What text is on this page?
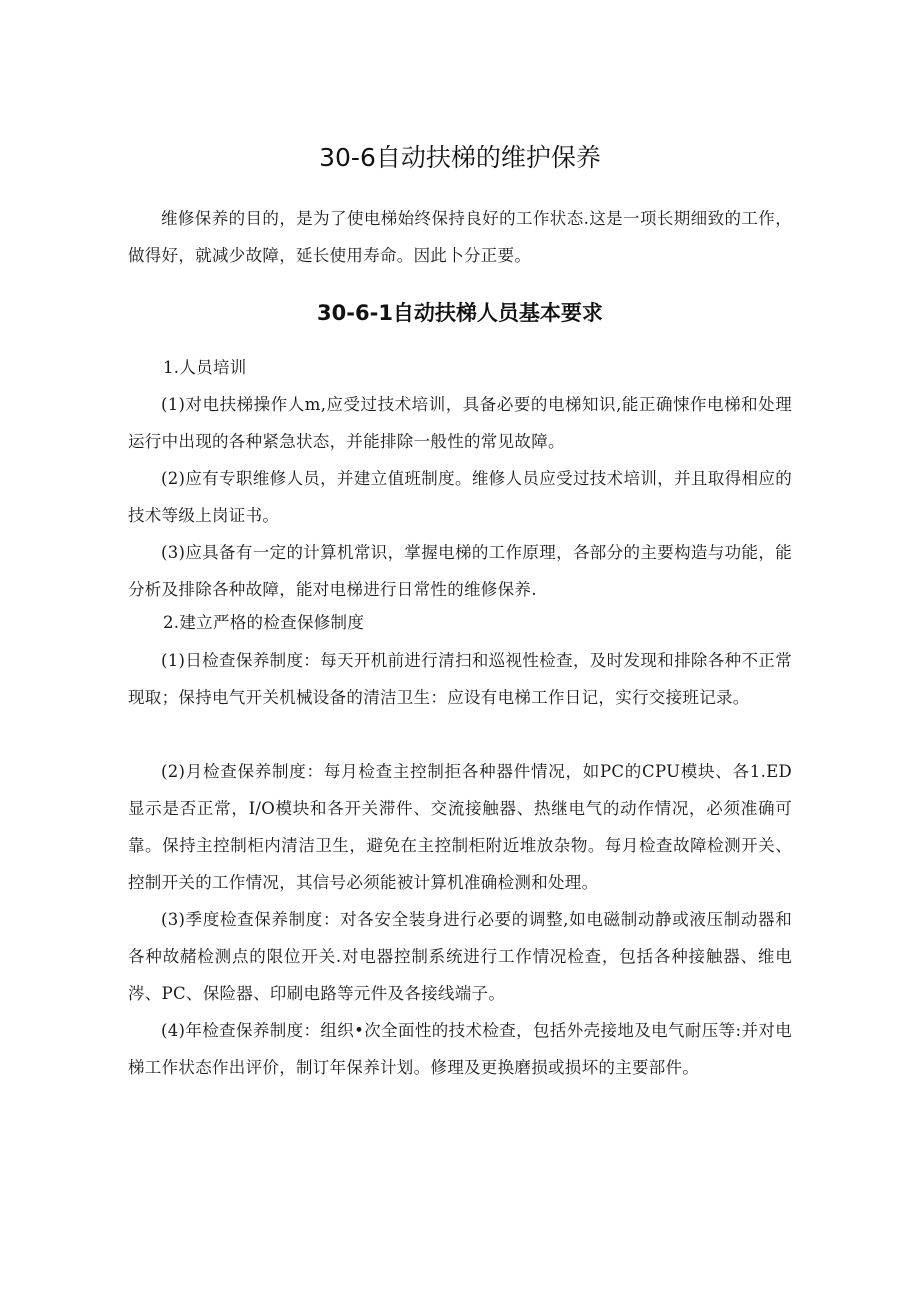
30-6自动扶梯的维护保养

维修保养的目的，是为了使电梯始终保持良好的工作状态.这是一项长期细致的工作，做得好，就减少故障，延长使用寿命。因此卜分正要。

30-6-1自动扶梯人员基本要求

1.人员培训

(1)对电扶梯操作人m,应受过技术培训，具备必要的电梯知识,能正确悚作电梯和处理运行中出现的各种紧急状态，并能排除一般性的常见故障。

(2)应有专职维修人员，并建立值班制度。维修人员应受过技术培训，并且取得相应的技术等级上岗证书。

(3)应具备有一定的计算机常识，掌握电梯的工作原理，各部分的主要构造与功能，能分析及排除各种故障，能对电梯进行日常性的维修保养.

2.建立严格的检查保修制度

(1)日检查保养制度：每天开机前进行清扫和巡视性检查，及时发现和排除各种不正常现取；保持电气开关机械设备的清洁卫生：应设有电梯工作日记，实行交接班记录。

(2)月检查保养制度：每月检查主控制拒各种器件情况，如PC的CPU模块、各1.ED显示是否正常，I/O模块和各开关滞件、交流接触器、热继电气的动作情况，必须准确可靠。保持主控制柜内清洁卫生，避免在主控制柜附近堆放杂物。每月检查故障检测开关、控制开关的工作情况，其信号必须能被计算机准确检测和处理。

(3)季度检查保养制度：对各安全装身进行必要的调整,如电磁制动静或液压制动器和各种故赭检测点的限位开关.对电器控制系统进行工作情况检查，包括各种接触器、维电涔、PC、保险器、印刷电路等元件及各接线端子。

(4)年检查保养制度：组织•次全面性的技术检查，包括外壳接地及电气耐压等:并对电梯工作状态作出评价，制订年保养计划。修理及更换磨损或损坏的主要部件。
